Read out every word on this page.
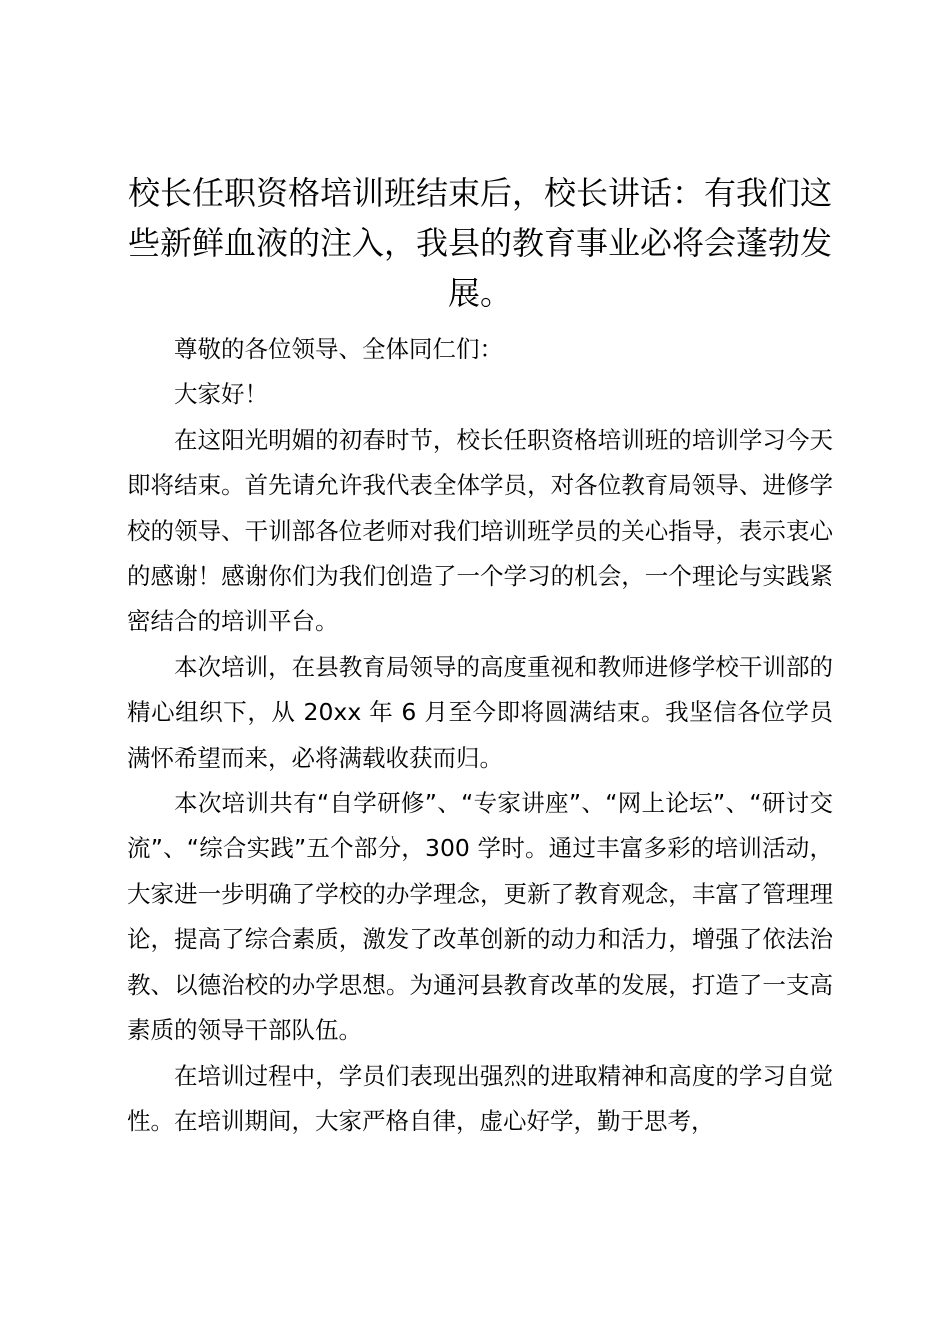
校长任职资格培训班结束后，校长讲话：有我们这些新鲜血液的注入，我县的教育事业必将会蓬勃发展。

尊敬的各位领导、全体同仁们：

大家好！

在这阳光明媚的初春时节，校长任职资格培训班的培训学习今天即将结束。首先请允许我代表全体学员，对各位教育局领导、进修学校的领导、干训部各位老师对我们培训班学员的关心指导，表示衷心的感谢！感谢你们为我们创造了一个学习的机会，一个理论与实践紧密结合的培训平台。

本次培训，在县教育局领导的高度重视和教师进修学校干训部的精心组织下，从 20xx 年 6 月至今即将圆满结束。我坚信各位学员满怀希望而来，必将满载收获而归。

本次培训共有“自学研修”、“专家讲座”、“网上论坛”、“研讨交流”、“综合实践”五个部分，300 学时。通过丰富多彩的培训活动，大家进一步明确了学校的办学理念，更新了教育观念，丰富了管理理论，提高了综合素质，激发了改革创新的动力和活力，增强了依法治教、以德治校的办学思想。为通河县教育改革的发展，打造了一支高素质的领导干部队伍。

在培训过程中，学员们表现出强烈的进取精神和高度的学习自觉性。在培训期间，大家严格自律，虚心好学，勤于思考，
